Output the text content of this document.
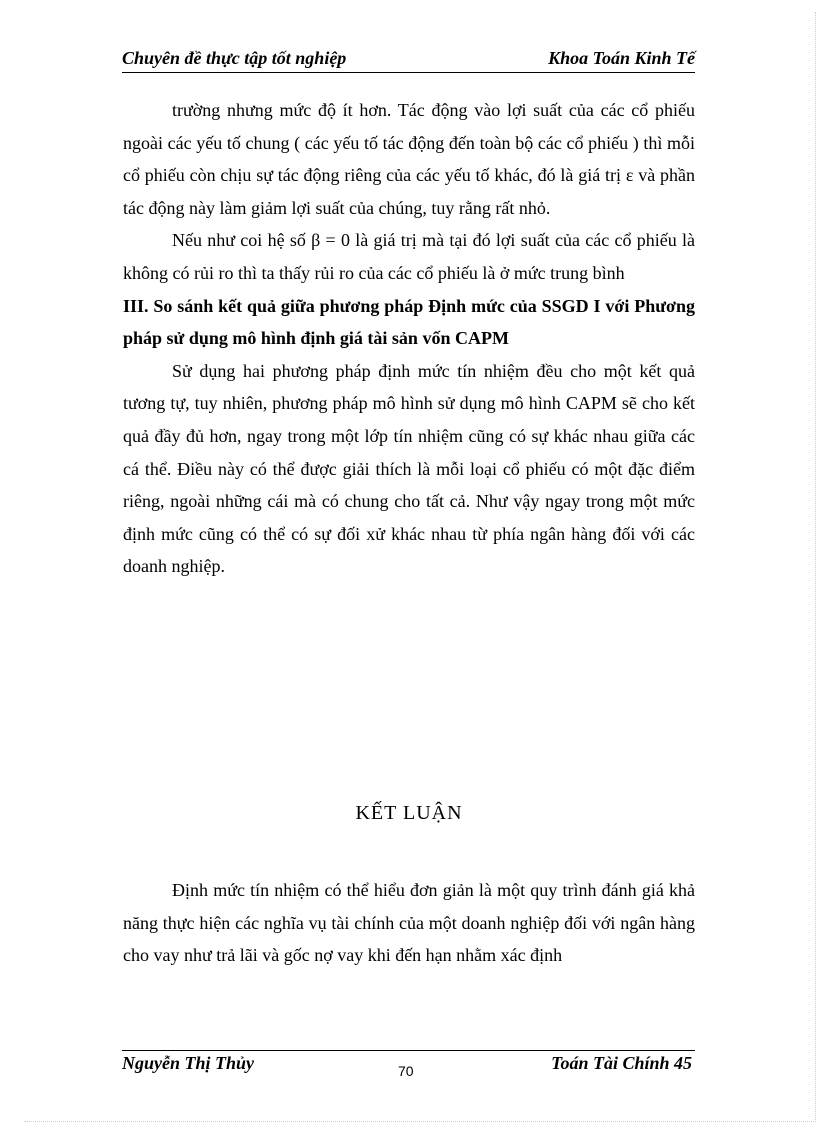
Chuyên đề thực tập tốt nghiệp	Khoa Toán Kinh Tế

trường nhưng mức độ ít hơn. Tác động vào lợi suất của các cổ phiếu ngoài các yếu tố chung ( các yếu tố tác động đến toàn bộ các cổ phiếu ) thì mỗi cổ phiếu còn chịu sự tác động riêng của các yếu tố khác, đó là giá trị ε và phần tác động này làm giảm lợi suất của chúng, tuy rằng rất nhỏ.

Nếu như coi hệ số β = 0 là giá trị mà tại đó lợi suất của các cổ phiếu là không có rủi ro thì ta thấy rủi ro của các cổ phiếu là ở mức trung bình

III. So sánh kết quả giữa phương pháp Định mức của SSGD I với Phương pháp sử dụng mô hình định giá tài sản vốn CAPM

Sử dụng hai phương pháp định mức tín nhiệm đều cho một kết quả tương tự, tuy nhiên, phương pháp mô hình sử dụng mô hình CAPM sẽ cho kết quả đầy đủ hơn, ngay trong một lớp tín nhiệm cũng có sự khác nhau giữa các cá thể. Điều này có thể được giải thích là mỗi loại cổ phiếu có một đặc điểm riêng, ngoài những cái mà có chung cho tất cả. Như vậy ngay trong một mức định mức cũng có thể có sự đối xử khác nhau từ phía ngân hàng đối với các doanh nghiệp.

KẾT LUẬN

Định mức tín nhiệm có thể hiểu đơn giản là một quy trình đánh giá khả năng thực hiện các nghĩa vụ tài chính của một doanh nghiệp đối với ngân hàng cho vay như trả lãi và gốc nợ vay khi đến hạn nhằm xác định

Nguyễn Thị Thủy	70	Toán Tài Chính 45
